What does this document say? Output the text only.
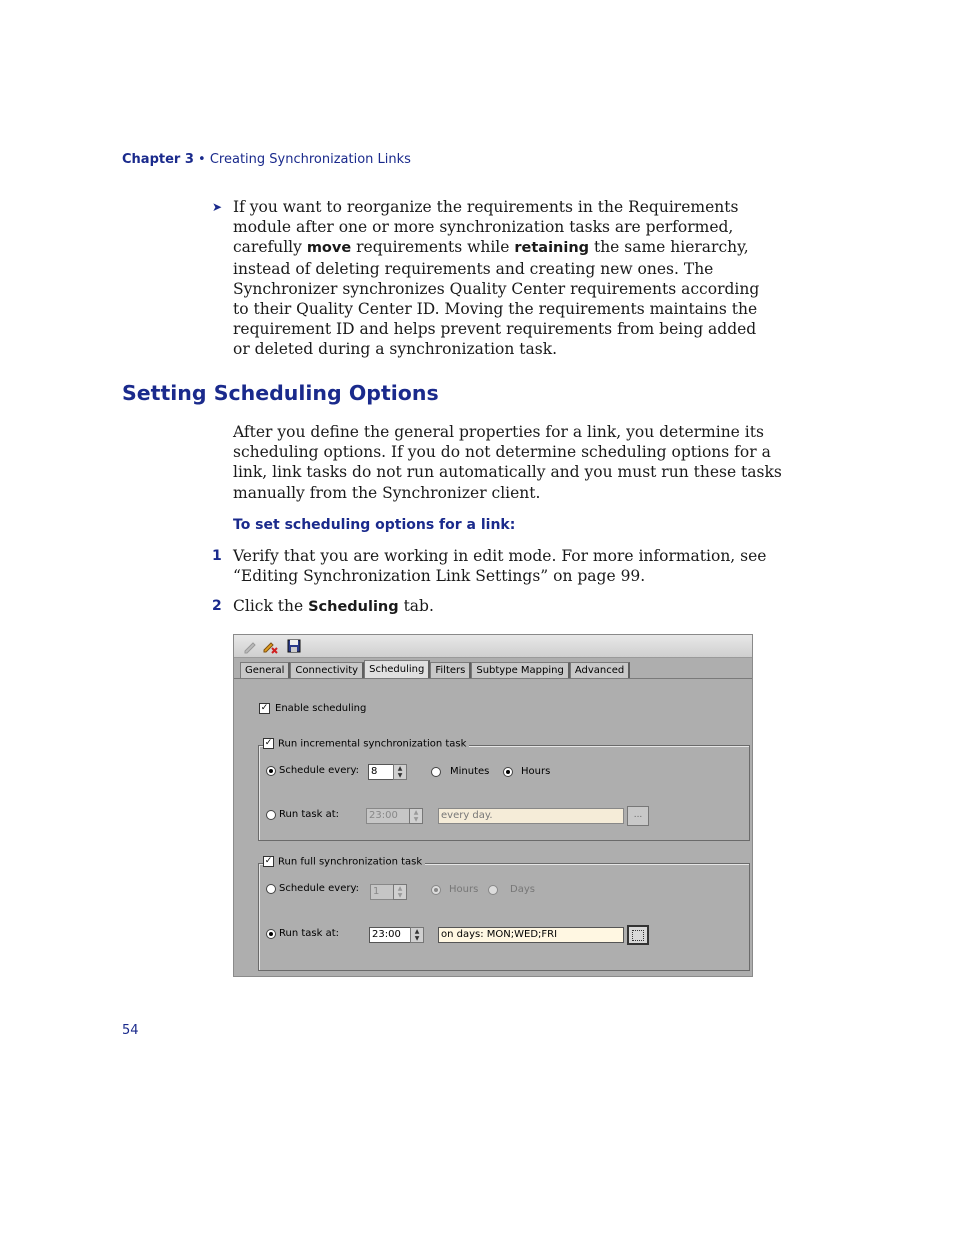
Chapter 3 • Creating Synchronization Links
➤ If you want to reorganize the requirements in the Requirements module after one or more synchronization tasks are performed, carefully move requirements while retaining the same hierarchy, instead of deleting requirements and creating new ones. The Synchronizer synchronizes Quality Center requirements according to their Quality Center ID. Moving the requirements maintains the requirement ID and helps prevent requirements from being added or deleted during a synchronization task.
Setting Scheduling Options
After you define the general properties for a link, you determine its scheduling options. If you do not determine scheduling options for a link, link tasks do not run automatically and you must run these tasks manually from the Synchronizer client.
To set scheduling options for a link:
1 Verify that you are working in edit mode. For more information, see “Editing Synchronization Link Settings” on page 99.
2 Click the Scheduling tab.
General	Connectivity	Scheduling	Filters	Subtype Mapping	Advanced
✓ Enable scheduling
✓ Run incremental synchronization task
Schedule every:	8	▲
▼	Minutes	Hours
Run task at:	23:00	▲
▼	every day.	...
✓ Run full synchronization task
Schedule every:	1	▲
▼
Hours	Days
Run task at:	23:00	▲
▼	on days: MON;WED;FRI
54
